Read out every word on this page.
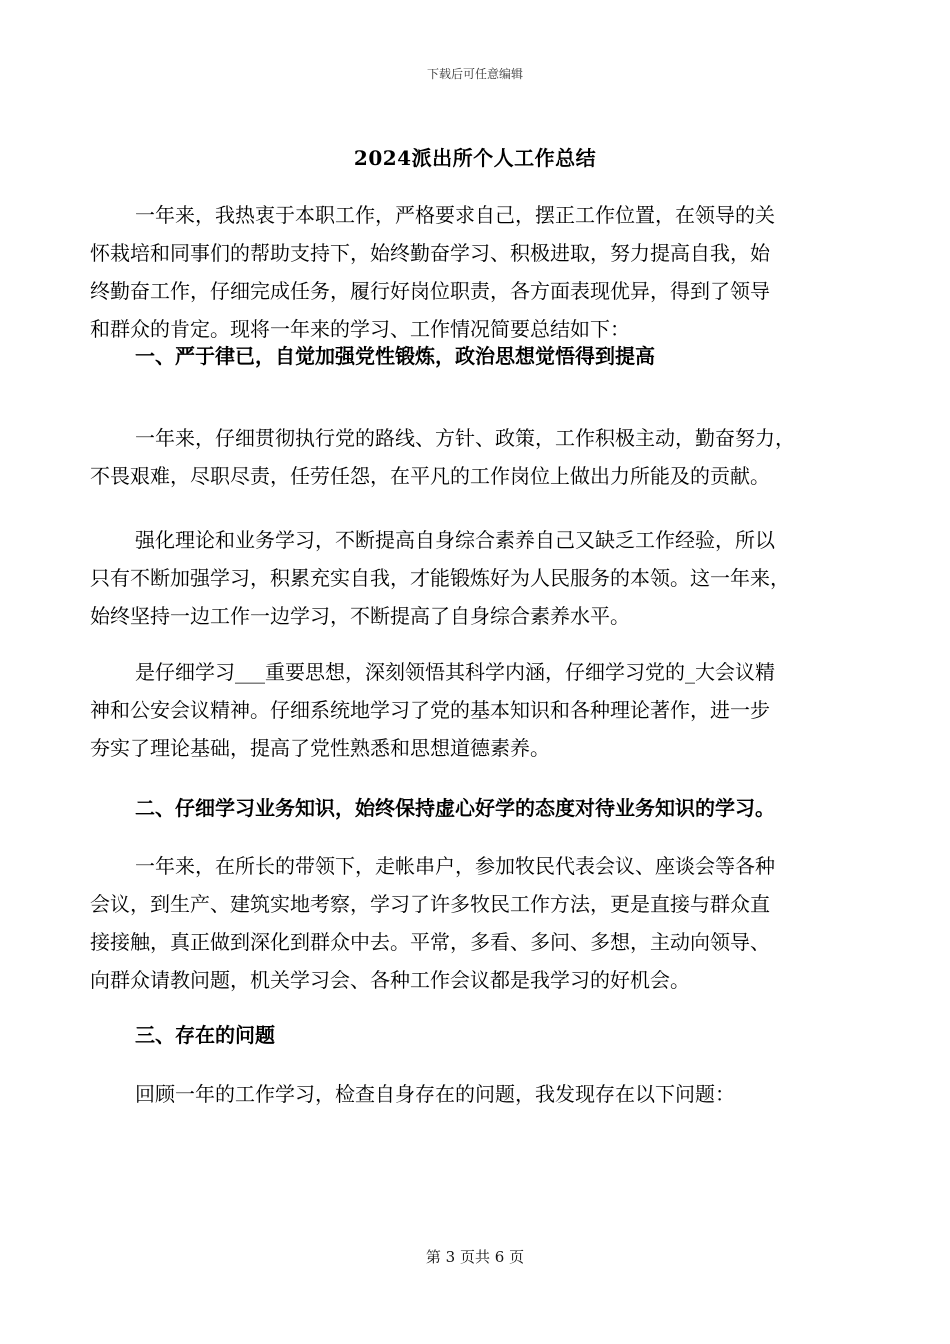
下载后可任意编辑
2024派出所个人工作总结
一年来，我热衷于本职工作，严格要求自己，摆正工作位置，在领导的关
怀栽培和同事们的帮助支持下，始终勤奋学习、积极进取，努力提高自我，始
终勤奋工作，仔细完成任务，履行好岗位职责，各方面表现优异，得到了领导
和群众的肯定。现将一年来的学习、工作情况简要总结如下：
一、严于律已，自觉加强党性锻炼，政治思想觉悟得到提高
一年来，仔细贯彻执行党的路线、方针、政策，工作积极主动，勤奋努力，
不畏艰难，尽职尽责，任劳任怨，在平凡的工作岗位上做出力所能及的贡献。
强化理论和业务学习，不断提高自身综合素养自己又缺乏工作经验，所以
只有不断加强学习，积累充实自我，才能锻炼好为人民服务的本领。这一年来，
始终坚持一边工作一边学习，不断提高了自身综合素养水平。
是仔细学习___重要思想，深刻领悟其科学内涵，仔细学习党的_大会议精
神和公安会议精神。仔细系统地学习了党的基本知识和各种理论著作，进一步
夯实了理论基础，提高了党性熟悉和思想道德素养。
二、仔细学习业务知识，始终保持虚心好学的态度对待业务知识的学习。
一年来，在所长的带领下，走帐串户，参加牧民代表会议、座谈会等各种
会议，到生产、建筑实地考察，学习了许多牧民工作方法，更是直接与群众直
接接触，真正做到深化到群众中去。平常，多看、多问、多想，主动向领导、
向群众请教问题，机关学习会、各种工作会议都是我学习的好机会。
三、存在的问题
回顾一年的工作学习，检查自身存在的问题，我发现存在以下问题：
第 3 页共 6 页
